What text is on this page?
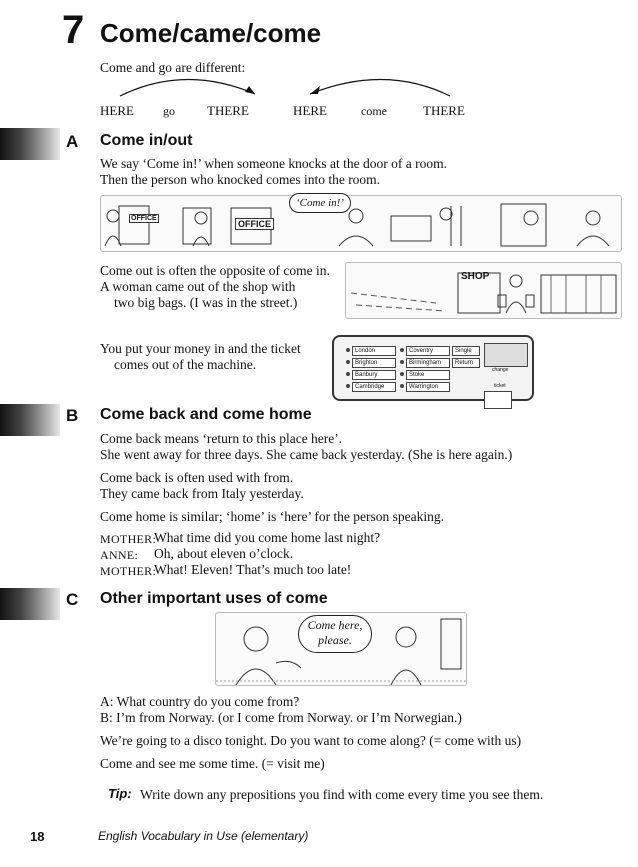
7 Come/came/come
Come and go are different:
HERE go THERE	HERE	come	THERE
A Come in/out
We say ‘Come in!’ when someone knocks at the door of a room.
Then the person who knocked comes into the room.
OFFICE
OFFICE
‘Come in!’
Come out is often the opposite of come in.
A woman came out of the shop with
two big bags. (I was in the street.)
SHOP
You put your money in and the ticket
comes out of the machine.
London
Brighton
Banbury
Cambridge
Coventry
Birmingham
Stoke
Warrington
Single
Return
change
ticket
B Come back and come home
Come back means ‘return to this place here’.
She went away for three days. She came back yesterday. (She is here again.)
Come back is often used with from.
They came back from Italy yesterday.
Come home is similar; ‘home’ is ‘here’ for the person speaking.
MOTHER:
What time did you come home last night?
ANNE: Oh, about eleven o’clock.
MOTHER:
What! Eleven! That’s much too late!
C Other important uses of come
Come here, please.
A: What country do you come from?
B: I’m from Norway. (or I come from Norway. or I’m Norwegian.)
We’re going to a disco tonight. Do you want to come along? (= come with us)
Come and see me some time. (= visit me)
Tip: Write down any prepositions you find with come every time you see them.
18	English Vocabulary in Use (elementary)
